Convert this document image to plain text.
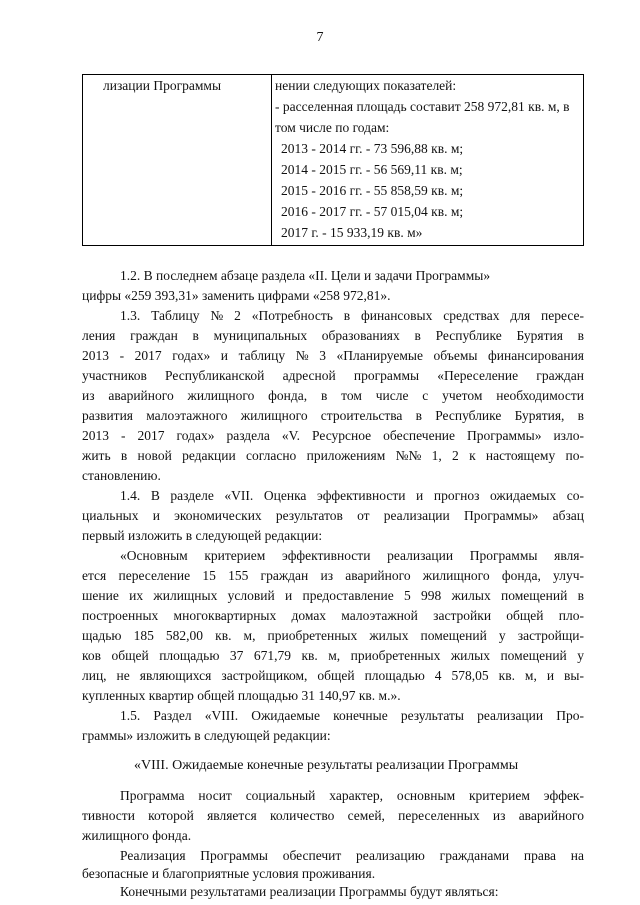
7
лизации Программы	нении следующих показателей:
- расселенная площадь составит 258 972,81 кв. м, в
том числе по годам:
2013 - 2014 гг. - 73 596,88 кв. м;
2014 - 2015 гг. - 56 569,11 кв. м;
2015 - 2016 гг. - 55 858,59 кв. м;
2016 - 2017 гг. - 57 015,04 кв. м;
2017 г. - 15 933,19 кв. м»
1.2. В последнем абзаце раздела «II. Цели и задачи Программы»
цифры «259 393,31» заменить цифрами «258 972,81».
1.3. Таблицу № 2 «Потребность в финансовых средствах для пересе-
ления граждан в муниципальных образованиях в Республике Бурятия в
2013 - 2017 годах» и таблицу № 3 «Планируемые объемы финансирования
участников Республиканской адресной программы «Переселение граждан
из аварийного жилищного фонда, в том числе с учетом необходимости
развития малоэтажного жилищного строительства в Республике Бурятия, в
2013 - 2017 годах» раздела «V. Ресурсное обеспечение Программы» изло-
жить в новой редакции согласно приложениям №№ 1, 2 к настоящему по-
становлению.
1.4. В разделе «VII. Оценка эффективности и прогноз ожидаемых со-
циальных и экономических результатов от реализации Программы» абзац
первый изложить в следующей редакции:
«Основным критерием эффективности реализации Программы явля-
ется переселение 15 155 граждан из аварийного жилищного фонда, улуч-
шение их жилищных условий и предоставление 5 998 жилых помещений в
построенных многоквартирных домах малоэтажной застройки общей пло-
щадью 185 582,00 кв. м, приобретенных жилых помещений у застройщи-
ков общей площадью 37 671,79 кв. м, приобретенных жилых помещений у
лиц, не являющихся застройщиком, общей площадью 4 578,05 кв. м, и вы-
купленных квартир общей площадью 31 140,97 кв. м.».
1.5. Раздел «VIII. Ожидаемые конечные результаты реализации Про-
граммы» изложить в следующей редакции:
«VIII. Ожидаемые конечные результаты реализации Программы
Программа носит социальный характер, основным критерием эффек-
тивности которой является количество семей, переселенных из аварийного
жилищного фонда.
Реализация Программы обеспечит реализацию гражданами права на
безопасные и благоприятные условия проживания.
Конечными результатами реализации Программы будут являться:
